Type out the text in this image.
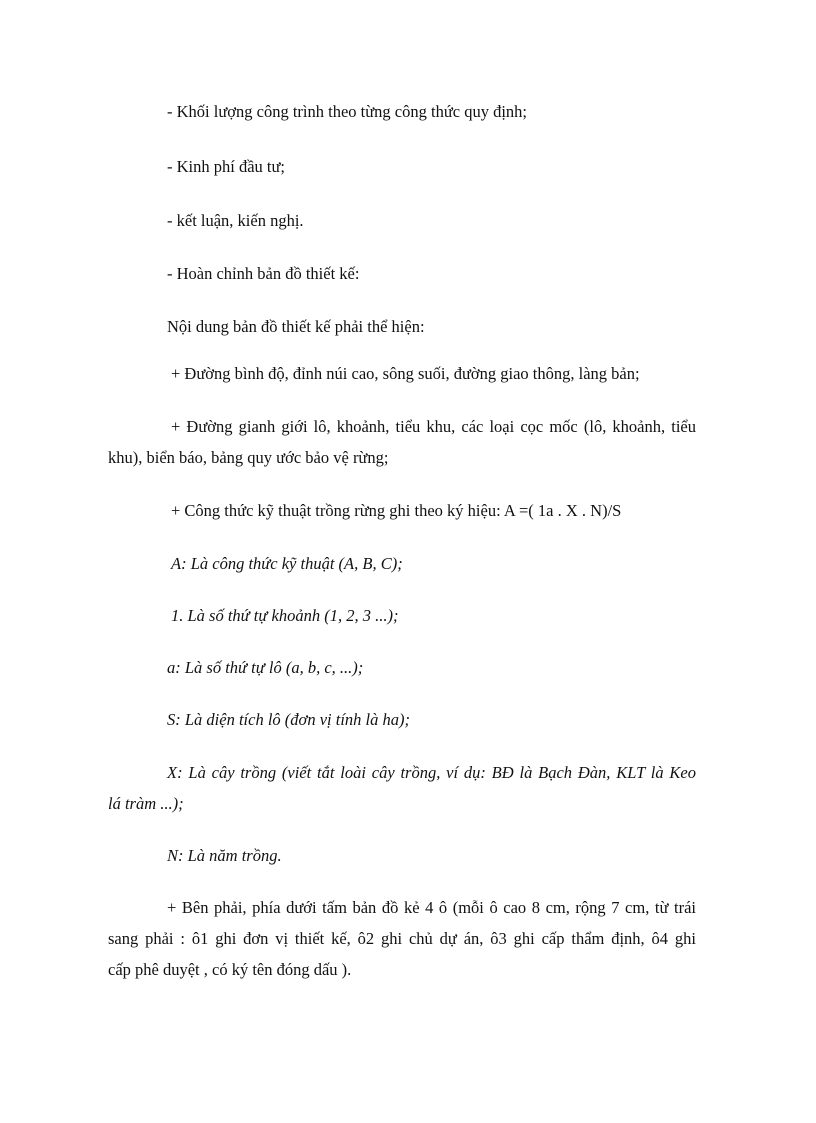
- Khối lượng công trình theo từng công thức quy định;
- Kinh phí đầu tư;
- kết luận, kiến nghị.
- Hoàn chỉnh bản đồ thiết kế:
Nội dung bản đồ thiết kế phải thể hiện:
+ Đường bình độ, đỉnh núi cao, sông suối, đường giao thông, làng bản;
+ Đường gianh giới lô, khoảnh, tiểu khu, các loại cọc mốc (lô, khoảnh, tiểu
khu), biển báo, bảng quy ước bảo vệ rừng;
+ Công thức kỹ thuật trồng rừng ghi theo ký hiệu: A =( 1a . X . N)/S
A: Là công thức kỹ thuật (A, B, C);
1. Là số thứ tự khoảnh (1, 2, 3 ...);
a: Là số thứ tự lô (a, b, c, ...);
S: Là diện tích lô (đơn vị tính là ha);
X: Là cây trồng (viết tắt loài cây trồng, ví dụ: BĐ là Bạch Đàn, KLT là Keo
lá tràm ...);
N: Là năm trồng.
+ Bên phải, phía dưới tấm bản đồ kẻ 4 ô (mỗi ô cao 8 cm, rộng 7 cm, từ trái
sang phải : ô1 ghi đơn vị thiết kế, ô2 ghi chủ dự án, ô3 ghi cấp thẩm định, ô4 ghi
cấp phê duyệt , có ký tên đóng dấu ).
